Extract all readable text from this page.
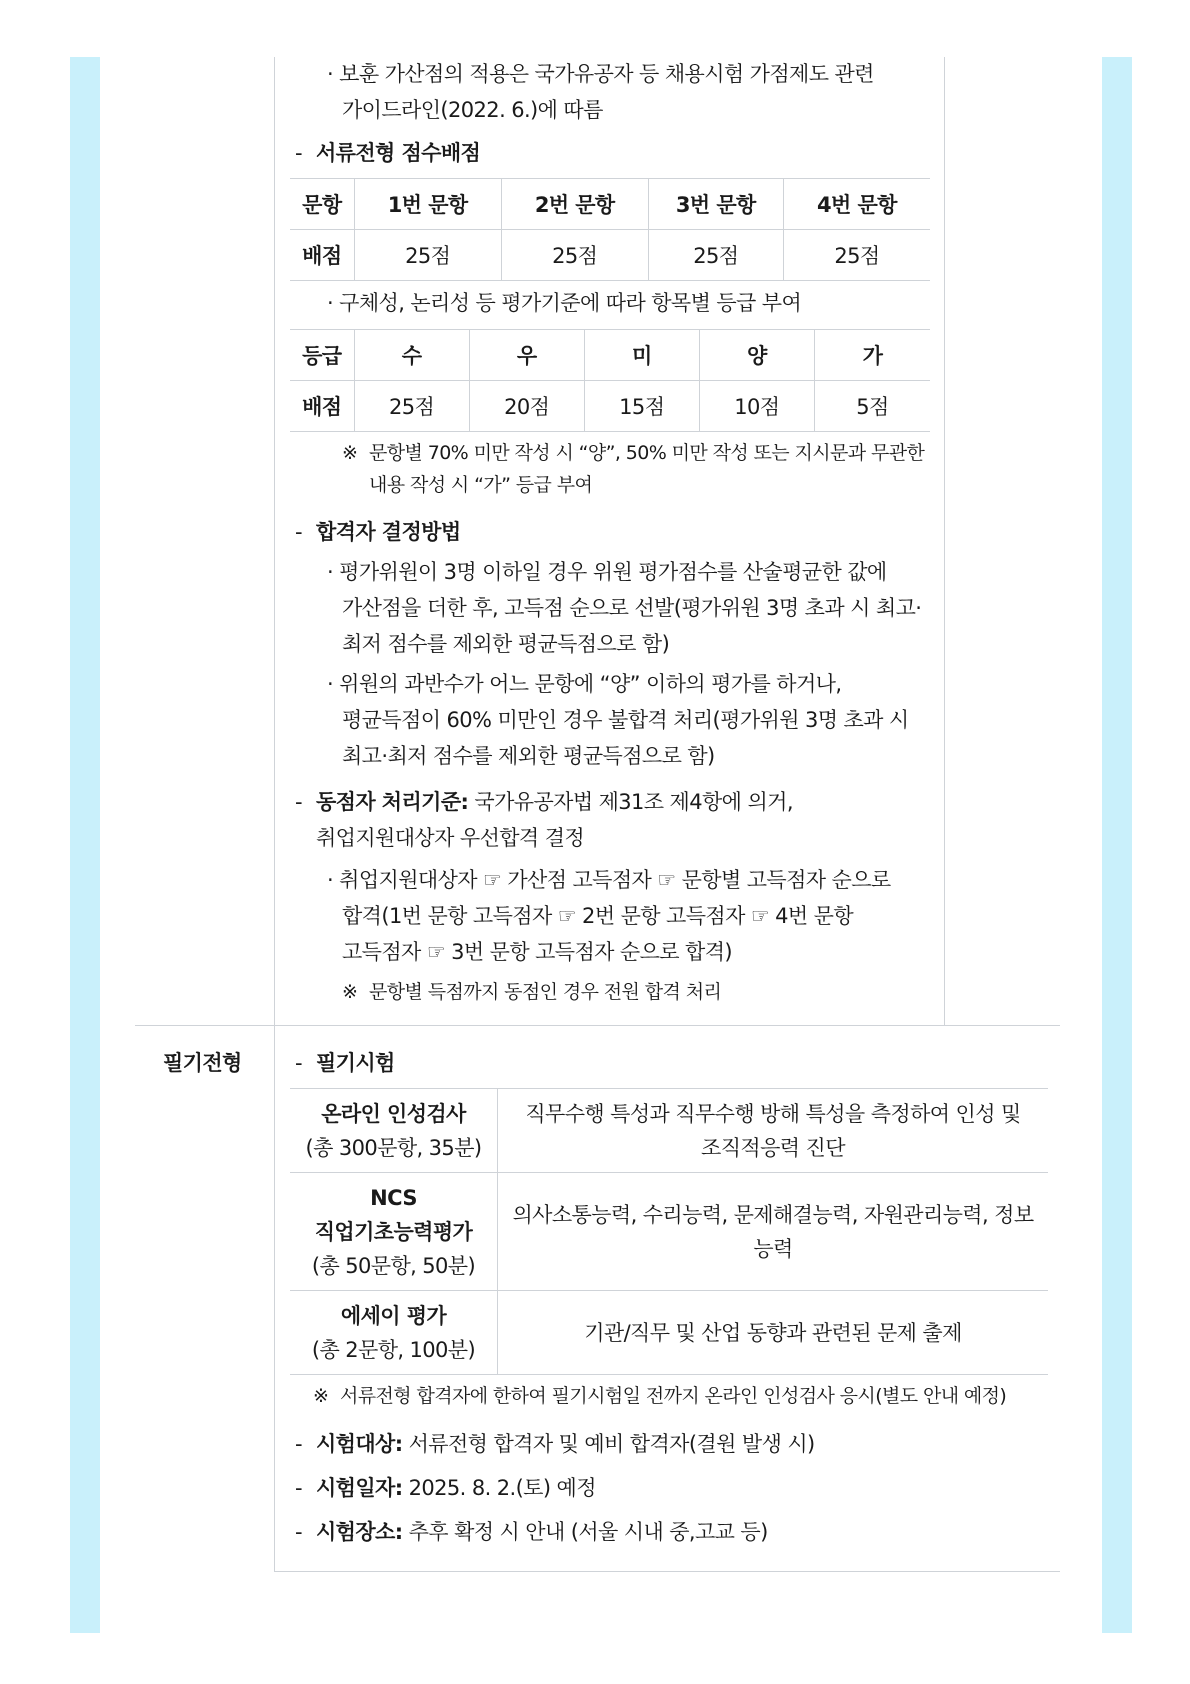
· 보훈 가산점의 적용은 국가유공자 등 채용시험 가점제도 관련
가이드라인(2022. 6.)에 따름
- 서류전형 점수배점
문항	1번 문항	2번 문항	3번 문항	4번 문항
배점	25점	25점	25점	25점
· 구체성, 논리성 등 평가기준에 따라 항목별 등급 부여
등급	수	우	미	양	가
배점	25점	20점	15점	10점	5점
※ 문항별 70% 미만 작성 시 “양”, 50% 미만 작성 또는 지시문과 무관한
내용 작성 시 “가” 등급 부여
- 합격자 결정방법
· 평가위원이 3명 이하일 경우 위원 평가점수를 산술평균한 값에
가산점을 더한 후, 고득점 순으로 선발(평가위원 3명 초과 시 최고·
최저 점수를 제외한 평균득점으로 함)
· 위원의 과반수가 어느 문항에 “양” 이하의 평가를 하거나,
평균득점이 60% 미만인 경우 불합격 처리(평가위원 3명 초과 시
최고·최저 점수를 제외한 평균득점으로 함)
- 동점자 처리기준: 국가유공자법 제31조 제4항에 의거,
취업지원대상자 우선합격 결정
· 취업지원대상자 ☞ 가산점 고득점자 ☞ 문항별 고득점자 순으로
합격(1번 문항 고득점자 ☞ 2번 문항 고득점자 ☞ 4번 문항
고득점자 ☞ 3번 문항 고득점자 순으로 합격)
※ 문항별 득점까지 동점인 경우 전원 합격 처리
필기전형	- 필기시험
온라인 인성검사
(총 300문항, 35분)	직무수행 특성과 직무수행 방해 특성을 측정하여 인성 및
조직적응력 진단

NCS
직업기초능력평가
(총 50문항, 50분)	의사소통능력, 수리능력, 문제해결능력, 자원관리능력, 정보능력

에세이 평가
(총 2문항, 100분)	기관/직무 및 산업 동향과 관련된 문제 출제
※ 서류전형 합격자에 한하여 필기시험일 전까지 온라인 인성검사 응시(별도 안내 예정)
- 시험대상: 서류전형 합격자 및 예비 합격자(결원 발생 시)
- 시험일자: 2025. 8. 2.(토) 예정
- 시험장소: 추후 확정 시 안내 (서울 시내 중,고교 등)
